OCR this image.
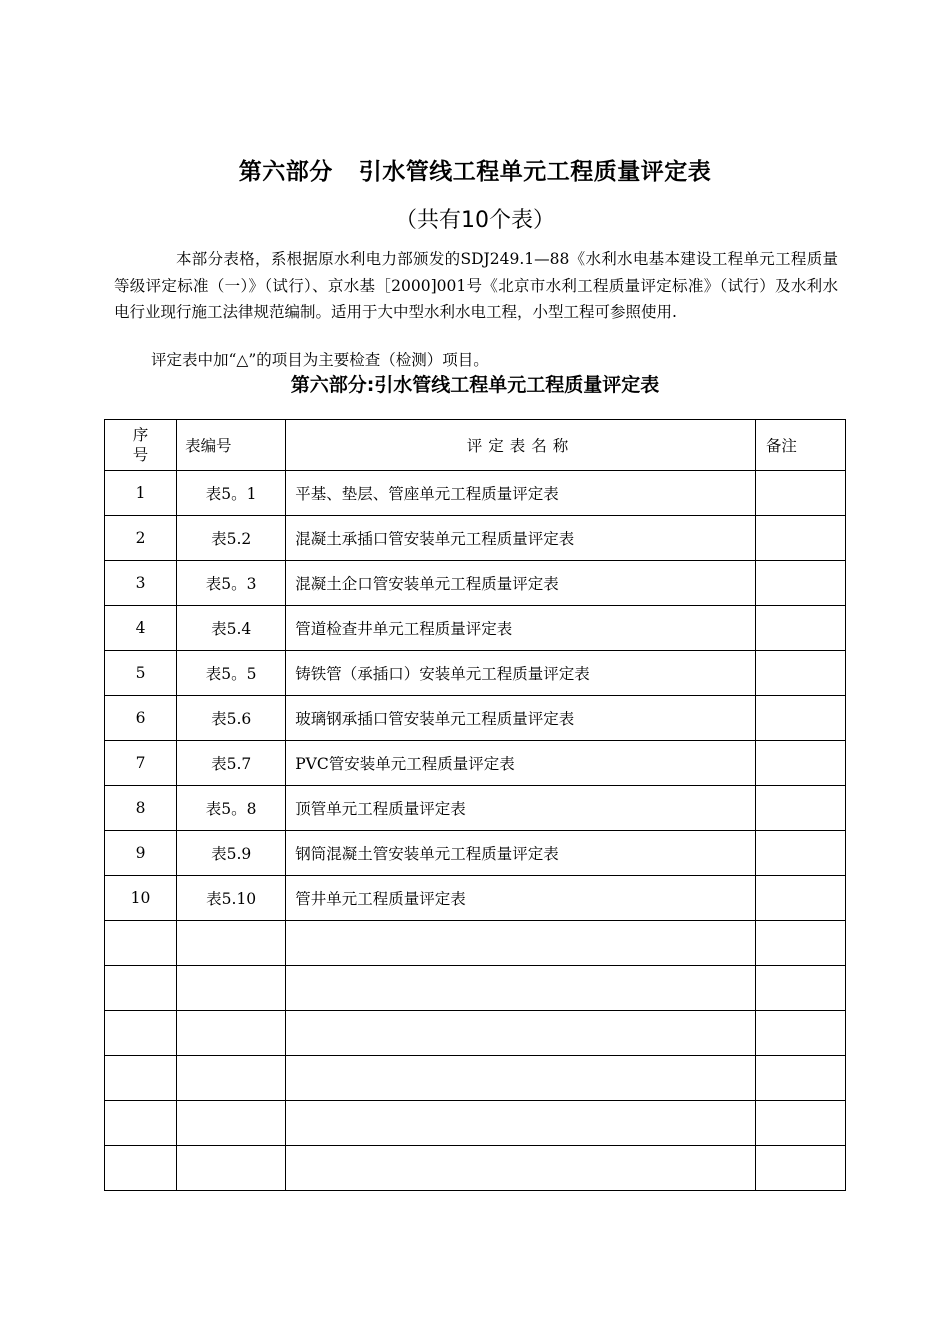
第六部分 引水管线工程单元工程质量评定表
（共有10个表）

本部分表格，系根据原水利电力部颁发的SDJ249.1—88《水利水电基本建设工程单元工程质量等级评定标准（一）》（试行）、京水基［2000]001号《北京市水利工程质量评定标准》（试行）及水利水电行业现行施工法律规范编制。适用于大中型水利水电工程，小型工程可参照使用.

评定表中加“△”的项目为主要检查（检测）项目。

第六部分:引水管线工程单元工程质量评定表
序
号	表编号	评定表名称	备注
1	表5。1	平基、垫层、管座单元工程质量评定表	
2	表5.2	混凝土承插口管安装单元工程质量评定表	
3	表5。3	混凝土企口管安装单元工程质量评定表	
4	表5.4	管道检查井单元工程质量评定表	
5	表5。5	铸铁管（承插口）安装单元工程质量评定表	
6	表5.6	玻璃钢承插口管安装单元工程质量评定表	
7	表5.7	PVC管安装单元工程质量评定表	
8	表5。8	顶管单元工程质量评定表	
9	表5.9	钢筒混凝土管安装单元工程质量评定表	
10	表5.10	管井单元工程质量评定表	
